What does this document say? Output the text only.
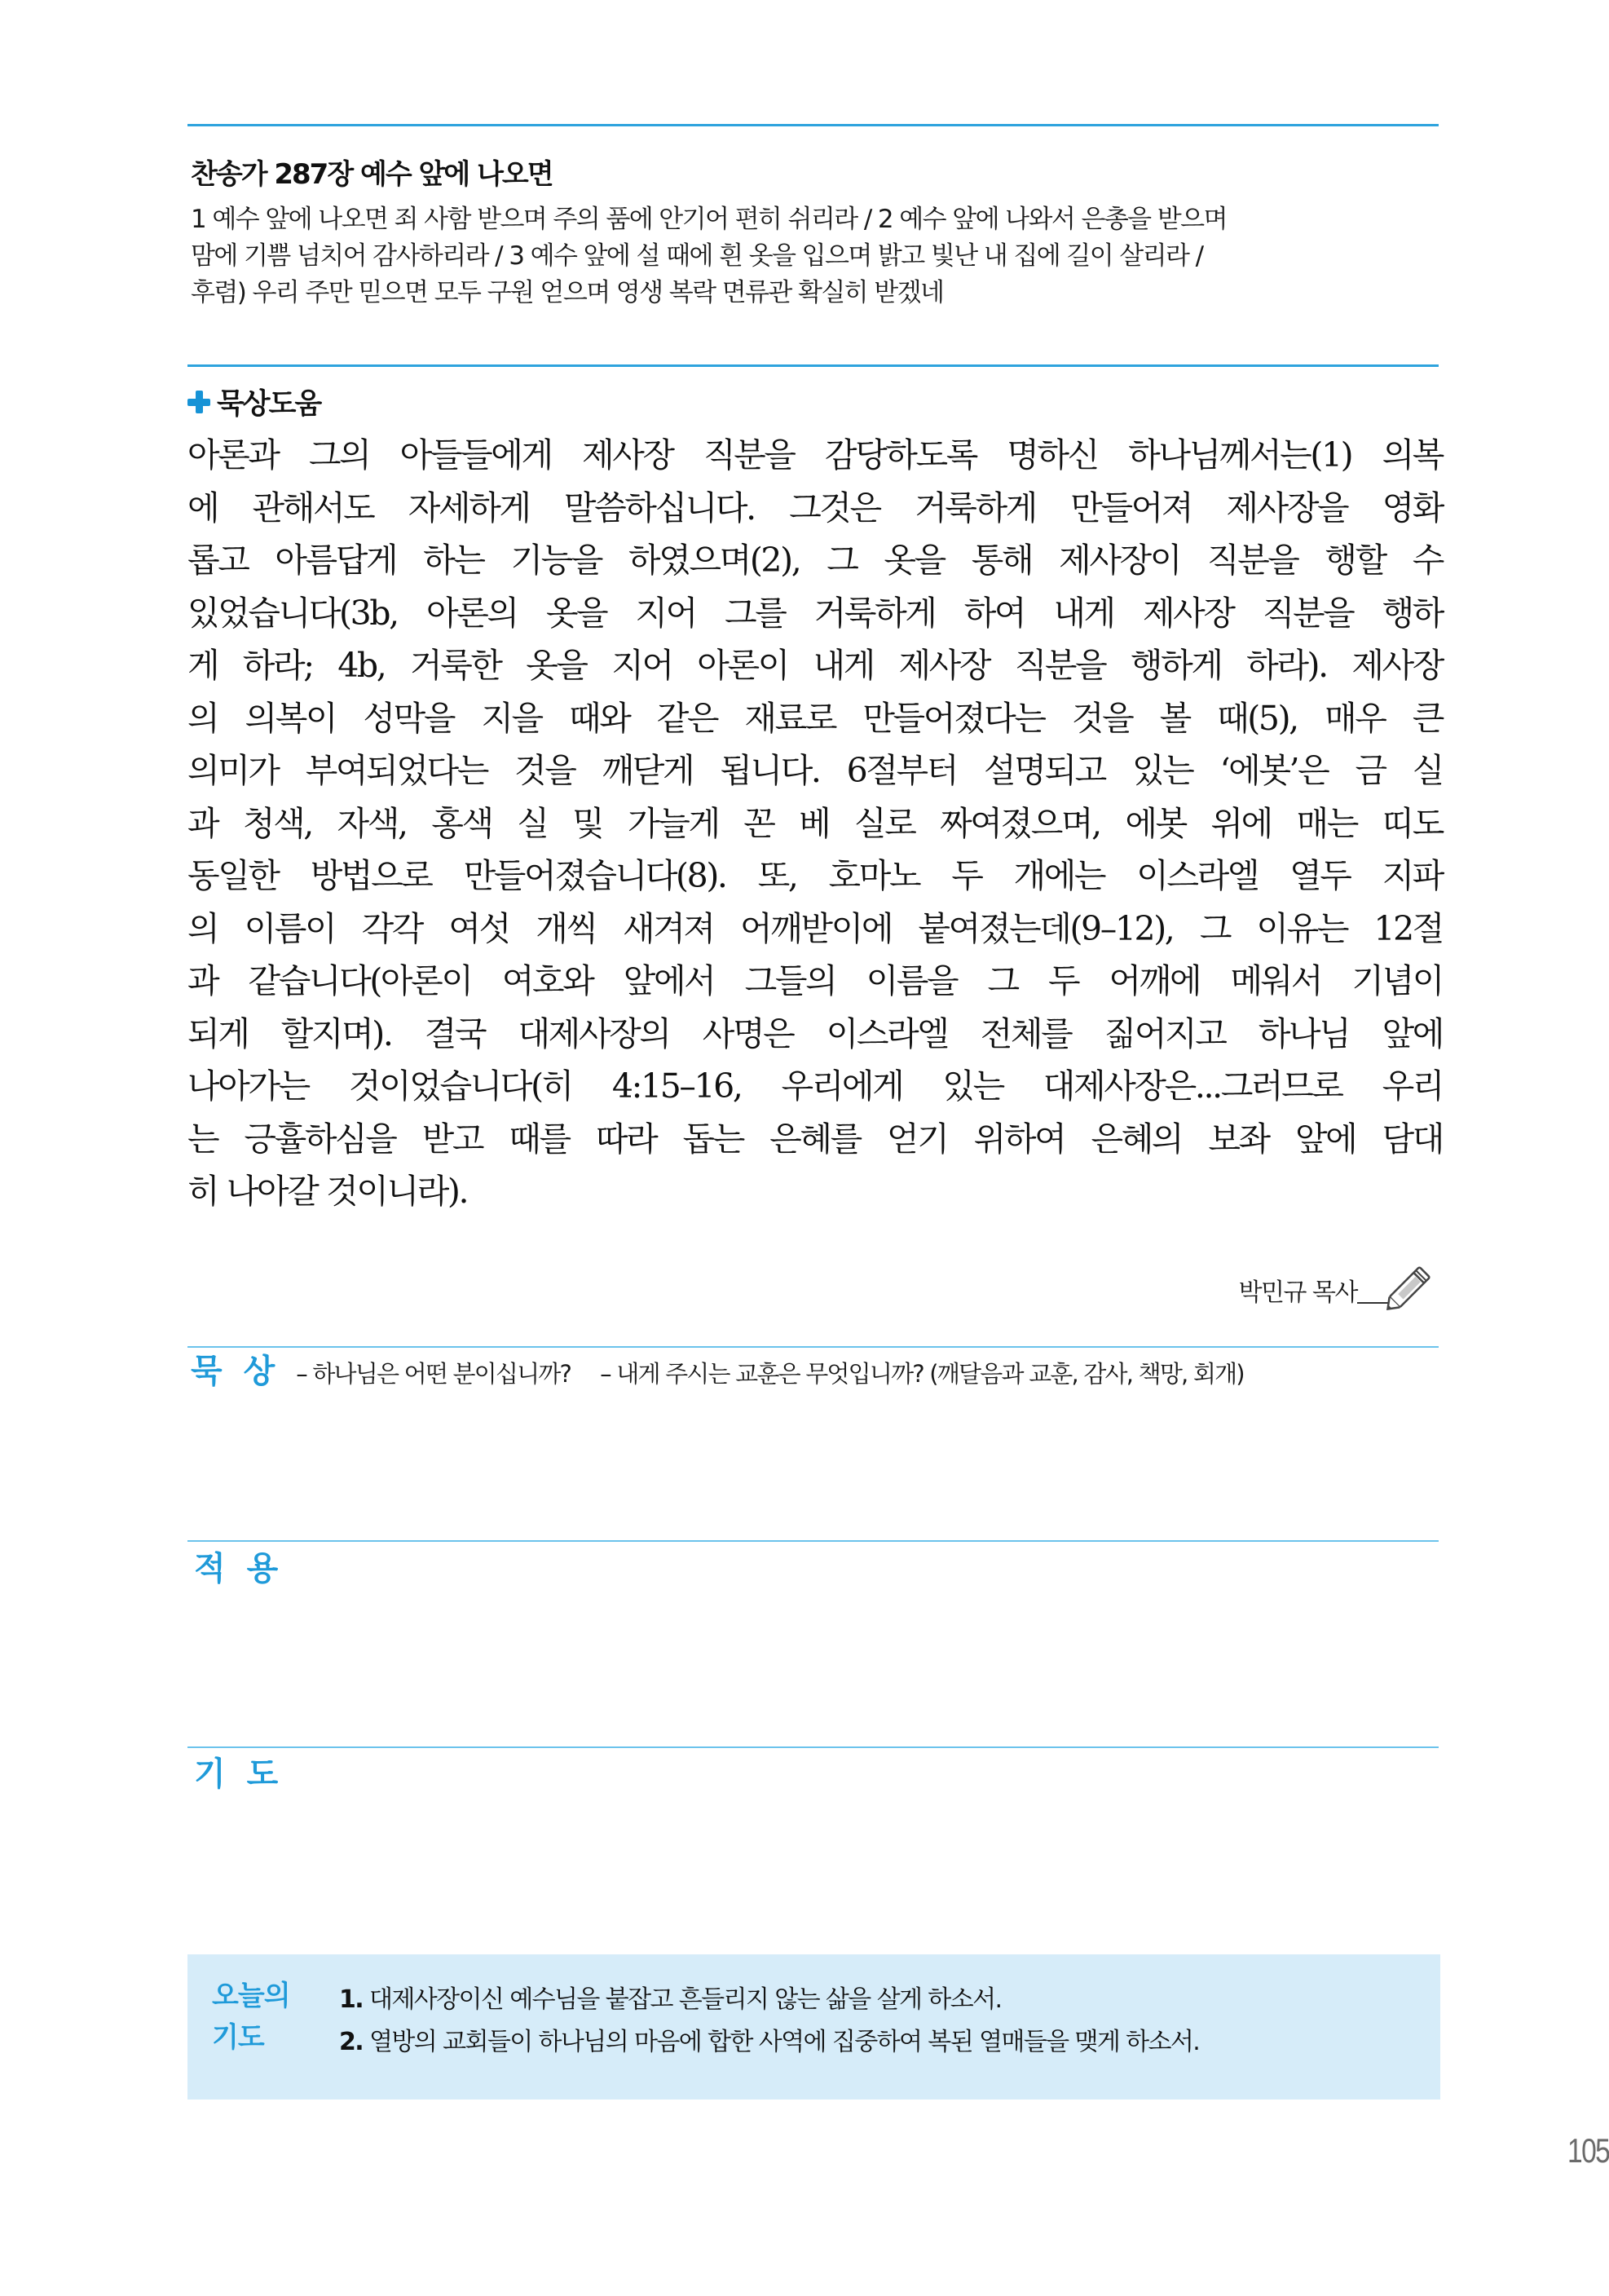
찬송가 287장 예수 앞에 나오면
1 예수 앞에 나오면 죄 사함 받으며 주의 품에 안기어 편히 쉬리라 / 2 예수 앞에 나와서 은총을 받으며
맘에 기쁨 넘치어 감사하리라 / 3 예수 앞에 설 때에 흰 옷을 입으며 밝고 빛난 내 집에 길이 살리라 /
후렴) 우리 주만 믿으면 모두 구원 얻으며 영생 복락 면류관 확실히 받겠네
묵상도움
아론과 그의 아들들에게 제사장 직분을 감당하도록 명하신 하나님께서는(1) 의복
에 관해서도 자세하게 말씀하십니다. 그것은 거룩하게 만들어져 제사장을 영화
롭고 아름답게 하는 기능을 하였으며(2), 그 옷을 통해 제사장이 직분을 행할 수
있었습니다(3b, 아론의 옷을 지어 그를 거룩하게 하여 내게 제사장 직분을 행하
게 하라; 4b, 거룩한 옷을 지어 아론이 내게 제사장 직분을 행하게 하라). 제사장
의 의복이 성막을 지을 때와 같은 재료로 만들어졌다는 것을 볼 때(5), 매우 큰
의미가 부여되었다는 것을 깨닫게 됩니다. 6절부터 설명되고 있는 ‘에봇’은 금 실
과 청색, 자색, 홍색 실 및 가늘게 꼰 베 실로 짜여졌으며, 에봇 위에 매는 띠도
동일한 방법으로 만들어졌습니다(8). 또, 호마노 두 개에는 이스라엘 열두 지파
의 이름이 각각 여섯 개씩 새겨져 어깨받이에 붙여졌는데(9–12), 그 이유는 12절
과 같습니다(아론이 여호와 앞에서 그들의 이름을 그 두 어깨에 메워서 기념이
되게 할지며). 결국 대제사장의 사명은 이스라엘 전체를 짊어지고 하나님 앞에
나아가는 것이었습니다(히 4:15–16, 우리에게 있는 대제사장은...그러므로 우리
는 긍휼하심을 받고 때를 따라 돕는 은혜를 얻기 위하여 은혜의 보좌 앞에 담대
히 나아갈 것이니라).
박민규 목사
묵 상 – 하나님은 어떤 분이십니까? – 내게 주시는 교훈은 무엇입니까? (깨달음과 교훈, 감사, 책망, 회개)
적 용
기 도
오늘의
기도
1. 대제사장이신 예수님을 붙잡고 흔들리지 않는 삶을 살게 하소서.
2. 열방의 교회들이 하나님의 마음에 합한 사역에 집중하여 복된 열매들을 맺게 하소서.
105
